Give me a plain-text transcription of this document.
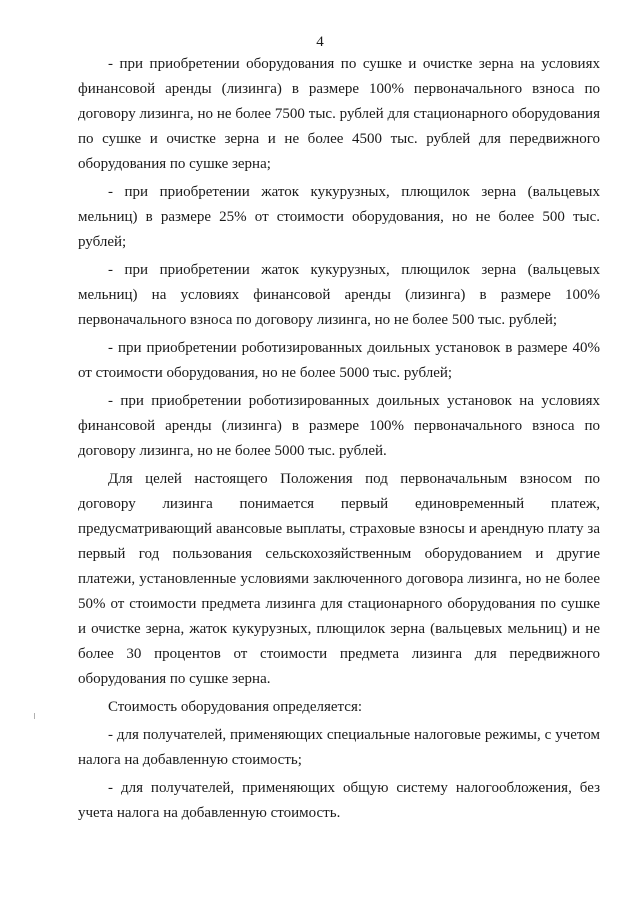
4

- при приобретении оборудования по сушке и очистке зерна на условиях финансовой аренды (лизинга) в размере 100% первоначального взноса по договору лизинга, но не более 7500 тыс. рублей для стационарного оборудования по сушке и очистке зерна и не более 4500 тыс. рублей для передвижного оборудования по сушке зерна;

- при приобретении жаток кукурузных, плющилок зерна (вальцевых мельниц) в размере 25% от стоимости оборудования, но не более 500 тыс. рублей;

- при приобретении жаток кукурузных, плющилок зерна (вальцевых мельниц) на условиях финансовой аренды (лизинга) в размере 100% первоначального взноса по договору лизинга, но не более 500 тыс. рублей;

- при приобретении роботизированных доильных установок в размере 40% от стоимости оборудования, но не более 5000 тыс. рублей;

- при приобретении роботизированных доильных установок на условиях финансовой аренды (лизинга) в размере 100% первоначального взноса по договору лизинга, но не более 5000 тыс. рублей.

Для целей настоящего Положения под первоначальным взносом по договору лизинга понимается первый единовременный платеж, предусматривающий авансовые выплаты, страховые взносы и арендную плату за первый год пользования сельскохозяйственным оборудованием и другие платежи, установленные условиями заключенного договора лизинга, но не более 50% от стоимости предмета лизинга для стационарного оборудования по сушке и очистке зерна, жаток кукурузных, плющилок зерна (вальцевых мельниц) и не более 30 процентов от стоимости предмета лизинга для передвижного оборудования по сушке зерна.

Стоимость оборудования определяется:

- для получателей, применяющих специальные налоговые режимы, с учетом налога на добавленную стоимость;

- для получателей, применяющих общую систему налогообложения, без учета налога на добавленную стоимость.
